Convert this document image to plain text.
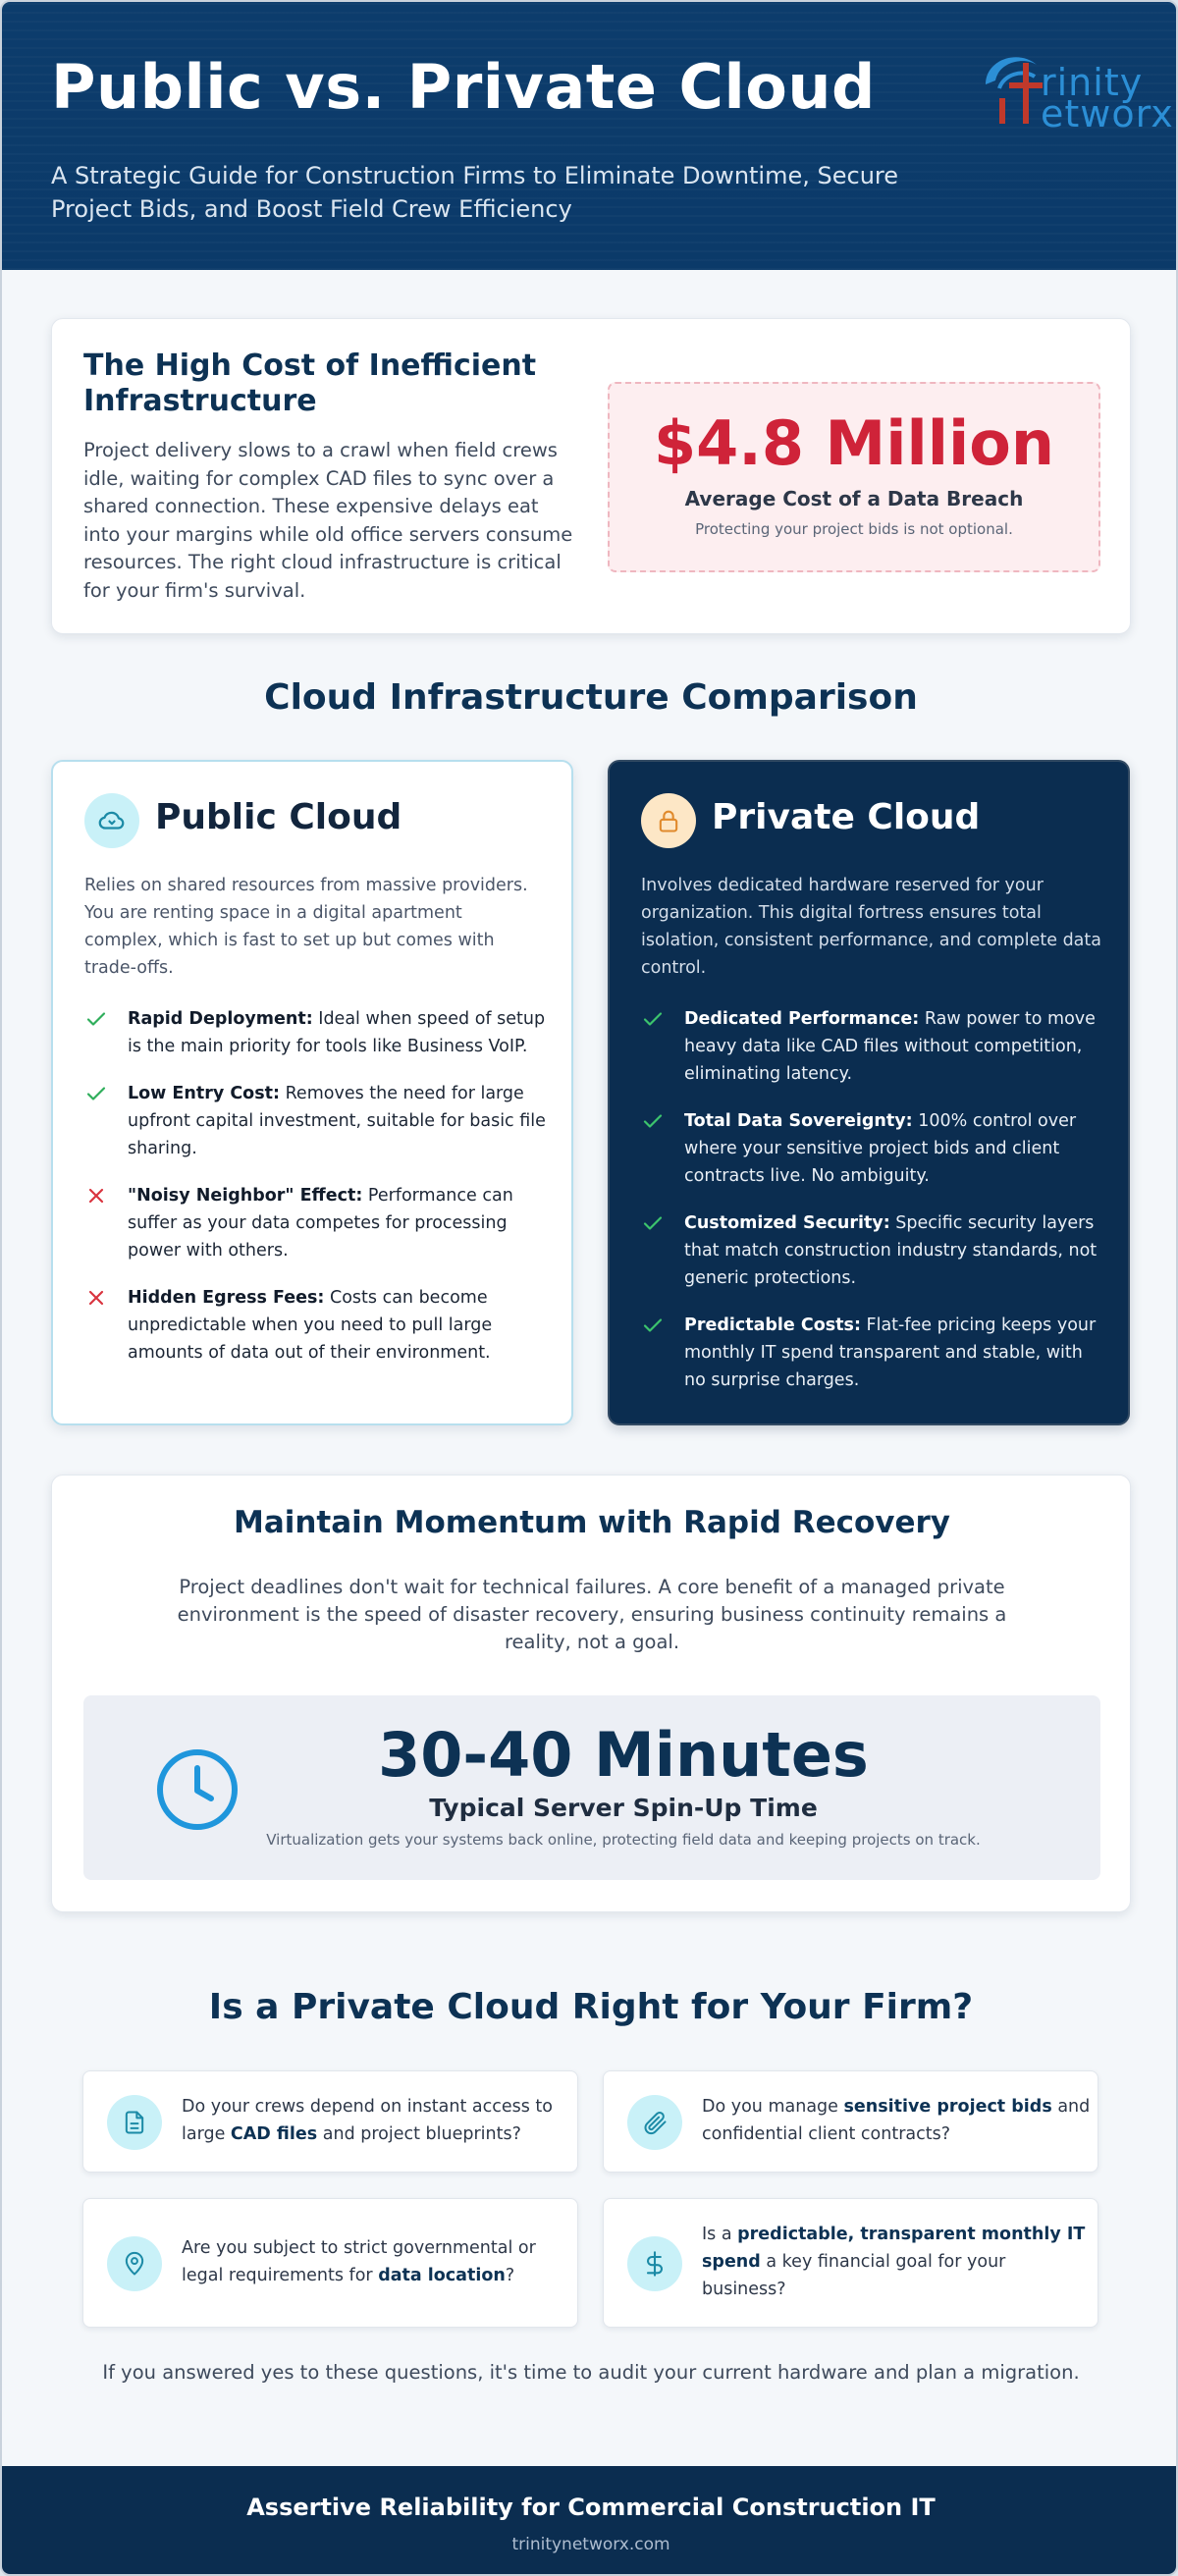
Public vs. Private Cloud
A Strategic Guide for Construction Firms to Eliminate Downtime, Secure Project Bids, and Boost Field Crew Efficiency
rinity
etworx
The High Cost of Inefficient Infrastructure

Project delivery slows to a crawl when field crews idle, waiting for complex CAD files to sync over a shared connection. These expensive delays eat into your margins while old office servers consume resources. The right cloud infrastructure is critical for your firm's survival.

$4.8 Million
Average Cost of a Data Breach
Protecting your project bids is not optional.
Cloud Infrastructure Comparison
Public Cloud
Relies on shared resources from massive providers. You are renting space in a digital apartment complex, which is fast to set up but comes with trade-offs.
Rapid Deployment: Ideal when speed of setup is the main priority for tools like Business VoIP.
Low Entry Cost: Removes the need for large upfront capital investment, suitable for basic file sharing.
"Noisy Neighbor" Effect: Performance can suffer as your data competes for processing power with others.
Hidden Egress Fees: Costs can become unpredictable when you need to pull large amounts of data out of their environment.
Private Cloud
Involves dedicated hardware reserved for your organization. This digital fortress ensures total isolation, consistent performance, and complete data control.
Dedicated Performance: Raw power to move heavy data like CAD files without competition, eliminating latency.
Total Data Sovereignty: 100% control over where your sensitive project bids and client contracts live. No ambiguity.
Customized Security: Specific security layers that match construction industry standards, not generic protections.
Predictable Costs: Flat-fee pricing keeps your monthly IT spend transparent and stable, with no surprise charges.
Maintain Momentum with Rapid Recovery

Project deadlines don't wait for technical failures. A core benefit of a managed private environment is the speed of disaster recovery, ensuring business continuity remains a reality, not a goal.

30-40 Minutes
Typical Server Spin-Up Time
Virtualization gets your systems back online, protecting field data and keeping projects on track.
Is a Private Cloud Right for Your Firm?
Do your crews depend on instant access to large CAD files and project blueprints?
Do you manage sensitive project bids and confidential client contracts?
Are you subject to strict governmental or legal requirements for data location?
Is a predictable, transparent monthly IT spend a key financial goal for your business?
If you answered yes to these questions, it's time to audit your current hardware and plan a migration.
Assertive Reliability for Commercial Construction IT
trinitynetworx.com
